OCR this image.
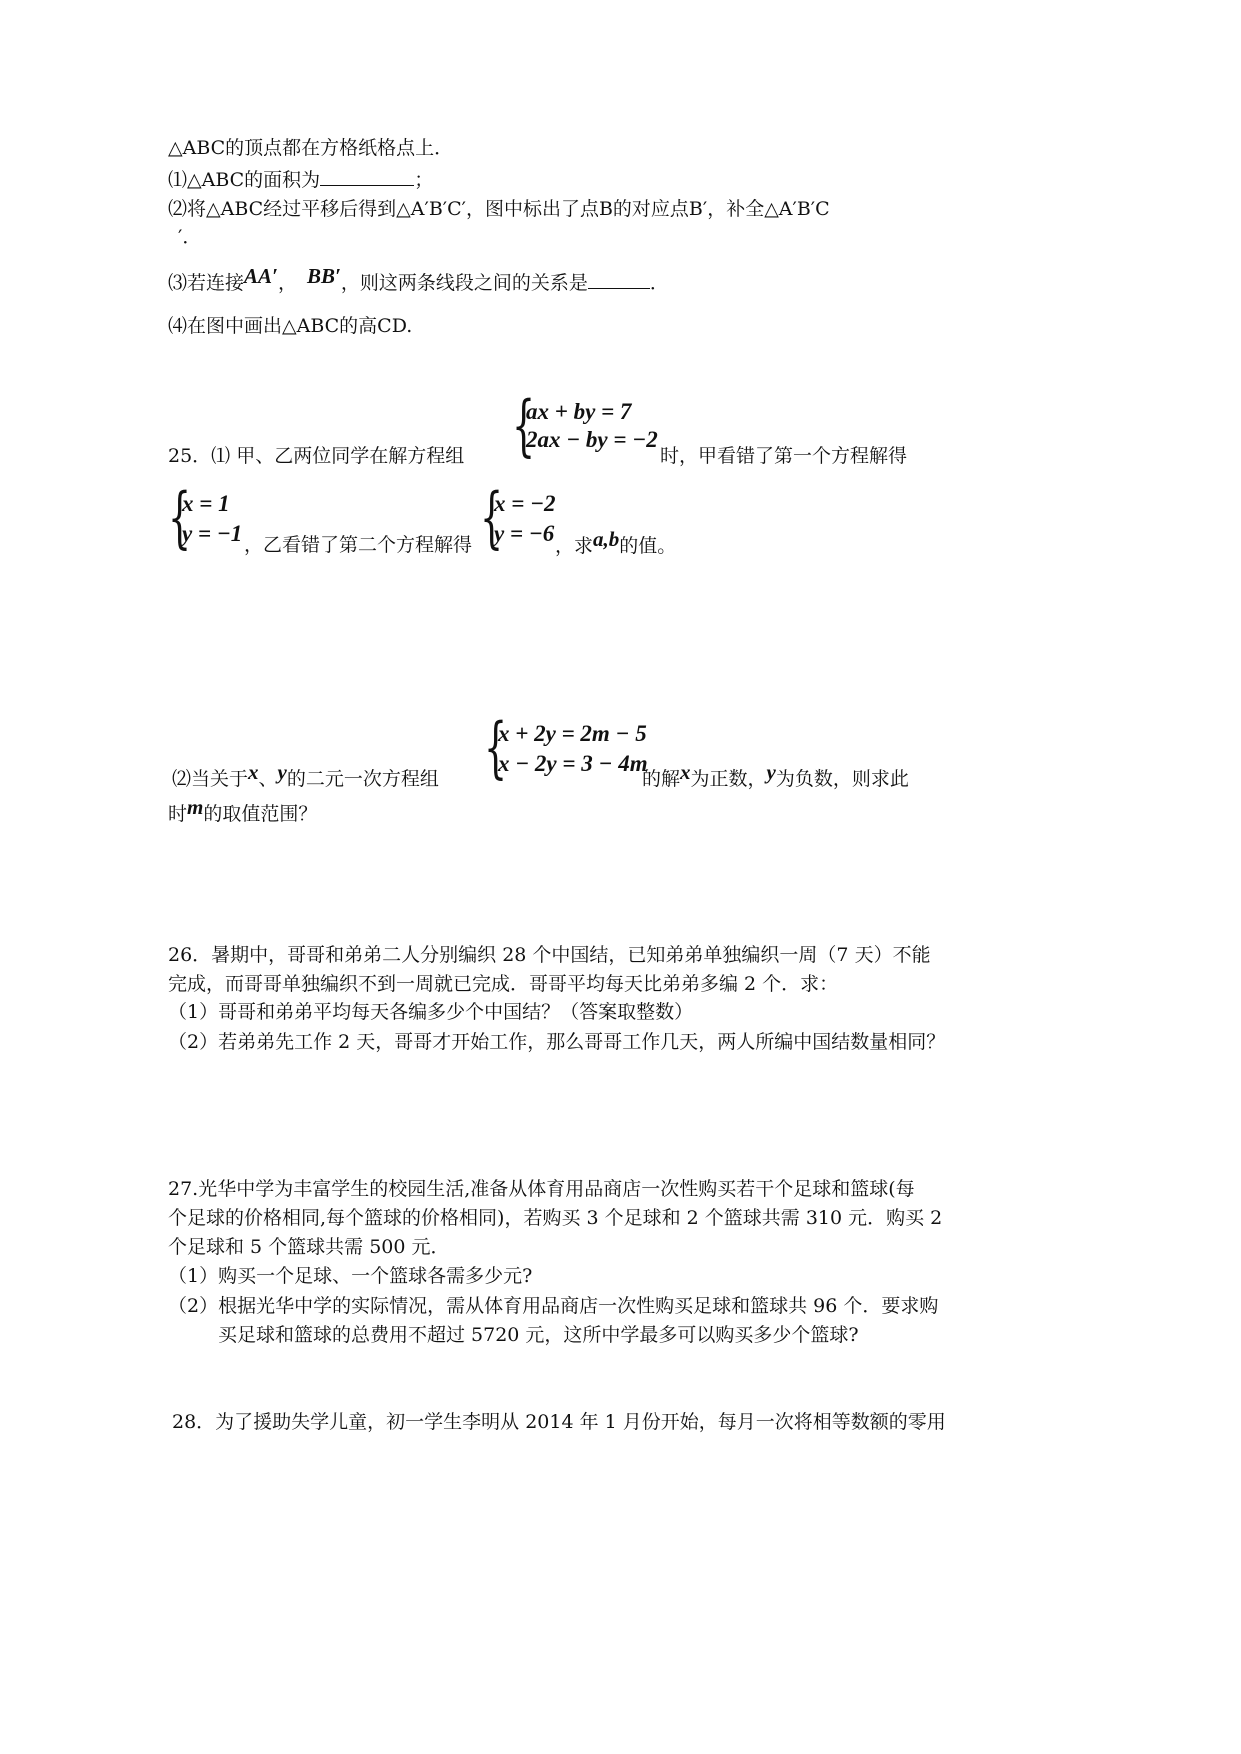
△ABC的顶点都在方格纸格点上．
⑴△ABC的面积为	；
⑵将△ABC经过平移后得到△A′B′C′，图中标出了点B的对应点B′，补全△A′B′C
′．
⑶若连接AA′， BB′，则这两条线段之间的关系是	．
⑷在图中画出△ABC的高CD.
{
ax + by = 7
2ax − by = −2
25．⑴ 甲、乙两位同学在解方程组	时，甲看错了第一个方程解得
{
x = 1
y = −1 ，乙看错了第二个方程解得 {
x = −2
y = −6 ，求a,b的值。
{
x + 2y = 2m − 5
x − 2y = 3 − 4m
⑵当关于x、y的二元一次方程组	的解x为正数，y为负数，则求此
时m的取值范围？
26．暑期中，哥哥和弟弟二人分别编织 28 个中国结，已知弟弟单独编织一周（7 天）不能
完成，而哥哥单独编织不到一周就已完成．哥哥平均每天比弟弟多编 2 个．求：
（1）哥哥和弟弟平均每天各编多少个中国结？（答案取整数）
（2）若弟弟先工作 2 天，哥哥才开始工作，那么哥哥工作几天，两人所编中国结数量相同？
27.光华中学为丰富学生的校园生活,准备从体育用品商店一次性购买若干个足球和篮球(每
个足球的价格相同,每个篮球的价格相同)，若购买 3 个足球和 2 个篮球共需 310 元．购买 2
个足球和 5 个篮球共需 500 元．
（1）购买一个足球、一个篮球各需多少元?
（2）根据光华中学的实际情况，需从体育用品商店一次性购买足球和篮球共 96 个．要求购
买足球和篮球的总费用不超过 5720 元，这所中学最多可以购买多少个篮球?
28．为了援助失学儿童，初一学生李明从 2014 年 1 月份开始，每月一次将相等数额的零用
